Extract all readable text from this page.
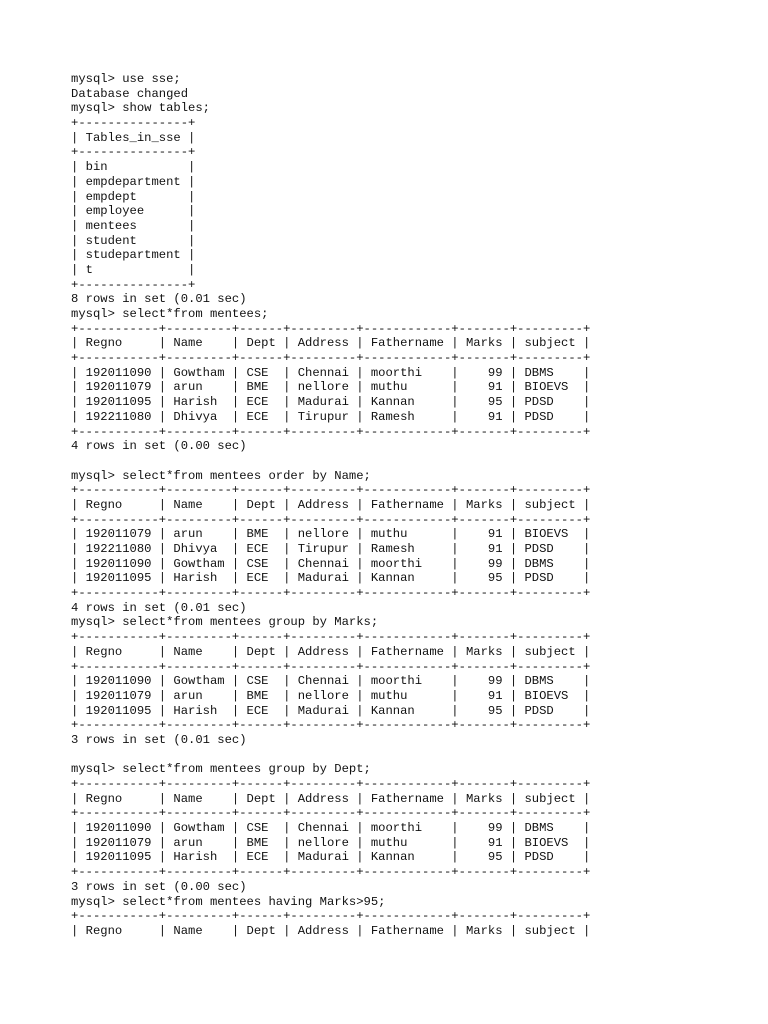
mysql> use sse;
Database changed
mysql> show tables;
+---------------+
| Tables_in_sse |
+---------------+
| bin           |
| empdepartment |
| empdept       |
| employee      |
| mentees       |
| student       |
| studepartment |
| t             |
+---------------+
8 rows in set (0.01 sec)
mysql> select*from mentees;
+-----------+---------+------+---------+------------+-------+---------+
| Regno     | Name    | Dept | Address | Fathername | Marks | subject |
+-----------+---------+------+---------+------------+-------+---------+
| 192011090 | Gowtham | CSE  | Chennai | moorthi    |    99 | DBMS    |
| 192011079 | arun    | BME  | nellore | muthu      |    91 | BIOEVS  |
| 192011095 | Harish  | ECE  | Madurai | Kannan     |    95 | PDSD    |
| 192211080 | Dhivya  | ECE  | Tirupur | Ramesh     |    91 | PDSD    |
+-----------+---------+------+---------+------------+-------+---------+
4 rows in set (0.00 sec)
mysql> select*from mentees order by Name;
+-----------+---------+------+---------+------------+-------+---------+
| Regno     | Name    | Dept | Address | Fathername | Marks | subject |
+-----------+---------+------+---------+------------+-------+---------+
| 192011079 | arun    | BME  | nellore | muthu      |    91 | BIOEVS  |
| 192211080 | Dhivya  | ECE  | Tirupur | Ramesh     |    91 | PDSD    |
| 192011090 | Gowtham | CSE  | Chennai | moorthi    |    99 | DBMS    |
| 192011095 | Harish  | ECE  | Madurai | Kannan     |    95 | PDSD    |
+-----------+---------+------+---------+------------+-------+---------+
4 rows in set (0.01 sec)
mysql> select*from mentees group by Marks;
+-----------+---------+------+---------+------------+-------+---------+
| Regno     | Name    | Dept | Address | Fathername | Marks | subject |
+-----------+---------+------+---------+------------+-------+---------+
| 192011090 | Gowtham | CSE  | Chennai | moorthi    |    99 | DBMS    |
| 192011079 | arun    | BME  | nellore | muthu      |    91 | BIOEVS  |
| 192011095 | Harish  | ECE  | Madurai | Kannan     |    95 | PDSD    |
+-----------+---------+------+---------+------------+-------+---------+
3 rows in set (0.01 sec)
mysql> select*from mentees group by Dept;
+-----------+---------+------+---------+------------+-------+---------+
| Regno     | Name    | Dept | Address | Fathername | Marks | subject |
+-----------+---------+------+---------+------------+-------+---------+
| 192011090 | Gowtham | CSE  | Chennai | moorthi    |    99 | DBMS    |
| 192011079 | arun    | BME  | nellore | muthu      |    91 | BIOEVS  |
| 192011095 | Harish  | ECE  | Madurai | Kannan     |    95 | PDSD    |
+-----------+---------+------+---------+------------+-------+---------+
3 rows in set (0.00 sec)
mysql> select*from mentees having Marks>95;
+-----------+---------+------+---------+------------+-------+---------+
| Regno     | Name    | Dept | Address | Fathername | Marks | subject |
